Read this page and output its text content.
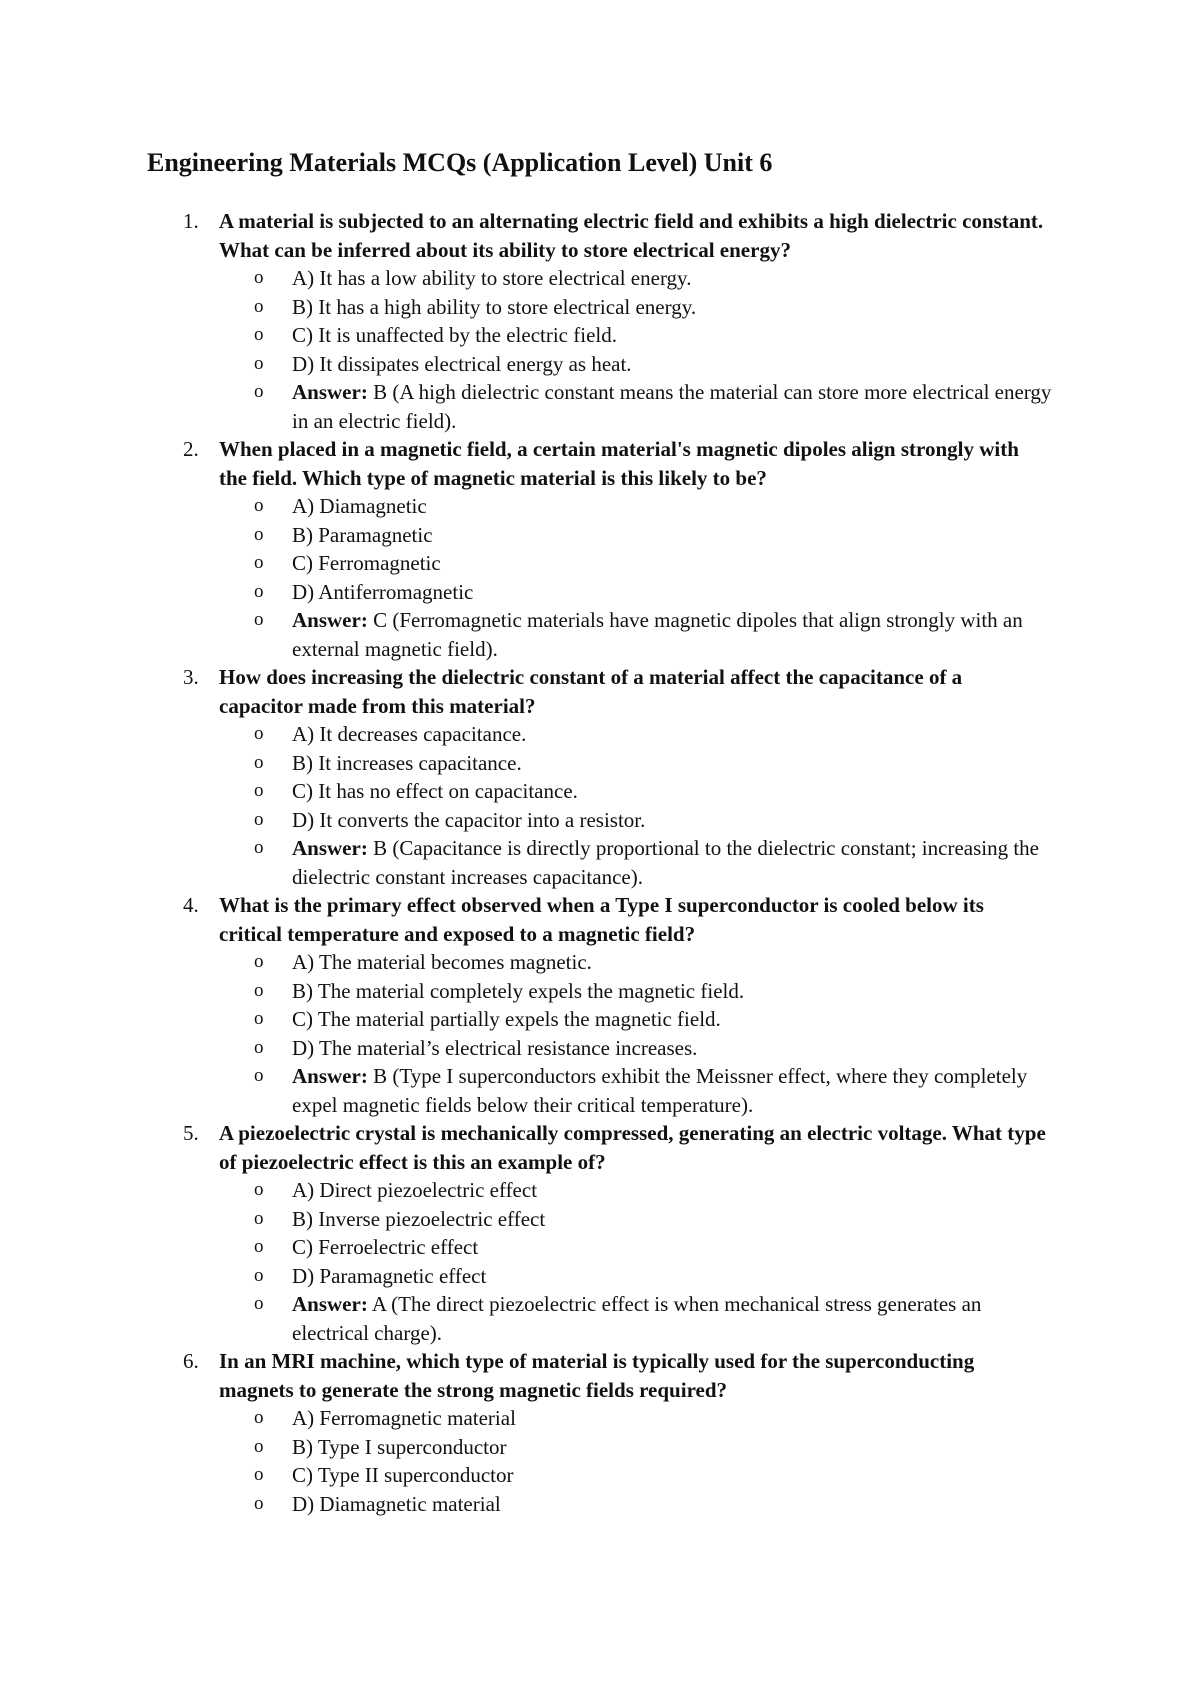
Engineering Materials MCQs (Application Level) Unit 6
1. A material is subjected to an alternating electric field and exhibits a high dielectric constant. What can be inferred about its ability to store electrical energy?

o A) It has a low ability to store electrical energy.
o B) It has a high ability to store electrical energy.
o C) It is unaffected by the electric field.
o D) It dissipates electrical energy as heat.
o Answer: B (A high dielectric constant means the material can store more electrical energy in an electric field).
2. When placed in a magnetic field, a certain material's magnetic dipoles align strongly with the field. Which type of magnetic material is this likely to be?

o A) Diamagnetic
o B) Paramagnetic
o C) Ferromagnetic
o D) Antiferromagnetic
o Answer: C (Ferromagnetic materials have magnetic dipoles that align strongly with an external magnetic field).
3. How does increasing the dielectric constant of a material affect the capacitance of a capacitor made from this material?

o A) It decreases capacitance.
o B) It increases capacitance.
o C) It has no effect on capacitance.
o D) It converts the capacitor into a resistor.
o Answer: B (Capacitance is directly proportional to the dielectric constant; increasing the dielectric constant increases capacitance).
4. What is the primary effect observed when a Type I superconductor is cooled below its critical temperature and exposed to a magnetic field?

o A) The material becomes magnetic.
o B) The material completely expels the magnetic field.
o C) The material partially expels the magnetic field.
o D) The material’s electrical resistance increases.
o Answer: B (Type I superconductors exhibit the Meissner effect, where they completely expel magnetic fields below their critical temperature).
5. A piezoelectric crystal is mechanically compressed, generating an electric voltage. What type of piezoelectric effect is this an example of?

o A) Direct piezoelectric effect
o B) Inverse piezoelectric effect
o C) Ferroelectric effect
o D) Paramagnetic effect
o Answer: A (The direct piezoelectric effect is when mechanical stress generates an electrical charge).
6. In an MRI machine, which type of material is typically used for the superconducting magnets to generate the strong magnetic fields required?

o A) Ferromagnetic material
o B) Type I superconductor
o C) Type II superconductor
o D) Diamagnetic material
